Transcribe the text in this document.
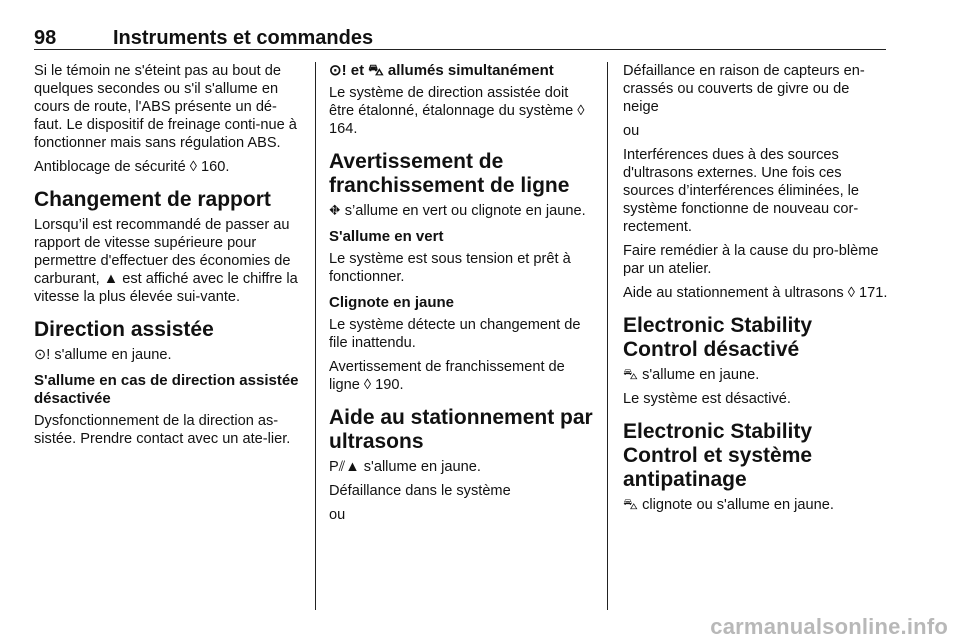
98	Instruments et commandes

Si le témoin ne s'éteint pas au bout de quelques secondes ou s'il s'allume en cours de route, l'ABS présente un dé-faut. Le dispositif de freinage conti-nue à fonctionner mais sans régulation ABS.

Antiblocage de sécurité ◊ 160.

Changement de rapport

Lorsqu’il est recommandé de passer au rapport de vitesse supérieure pour permettre d'effectuer des économies de carburant, ▲ est affiché avec le chiffre la vitesse la plus élevée sui-vante.

Direction assistée

⊙! s'allume en jaune.

S'allume en cas de direction assistée désactivée

Dysfonctionnement de la direction as-sistée. Prendre contact avec un ate-lier.

⊙! et ⛍ allumés simultanément

Le système de direction assistée doit être étalonné, étalonnage du système ◊ 164.

Avertissement de franchissement de ligne

⛖ s’allume en vert ou clignote en jaune.

S'allume en vert

Le système est sous tension et prêt à fonctionner.

Clignote en jaune

Le système détecte un changement de file inattendu.

Avertissement de franchissement de ligne ◊ 190.

Aide au stationnement par ultrasons

P⫽▲ s'allume en jaune.

Défaillance dans le système

ou

Défaillance en raison de capteurs en-crassés ou couverts de givre ou de neige

ou

Interférences dues à des sources d'ultrasons externes. Une fois ces sources d’interférences éliminées, le système fonctionne de nouveau cor-rectement.

Faire remédier à la cause du pro-blème par un atelier.

Aide au stationnement à ultrasons ◊ 171.

Electronic Stability Control désactivé

⛍ s'allume en jaune.

Le système est désactivé.

Electronic Stability Control et système antipatinage

⛍ clignote ou s'allume en jaune.

carmanualsonline.info
